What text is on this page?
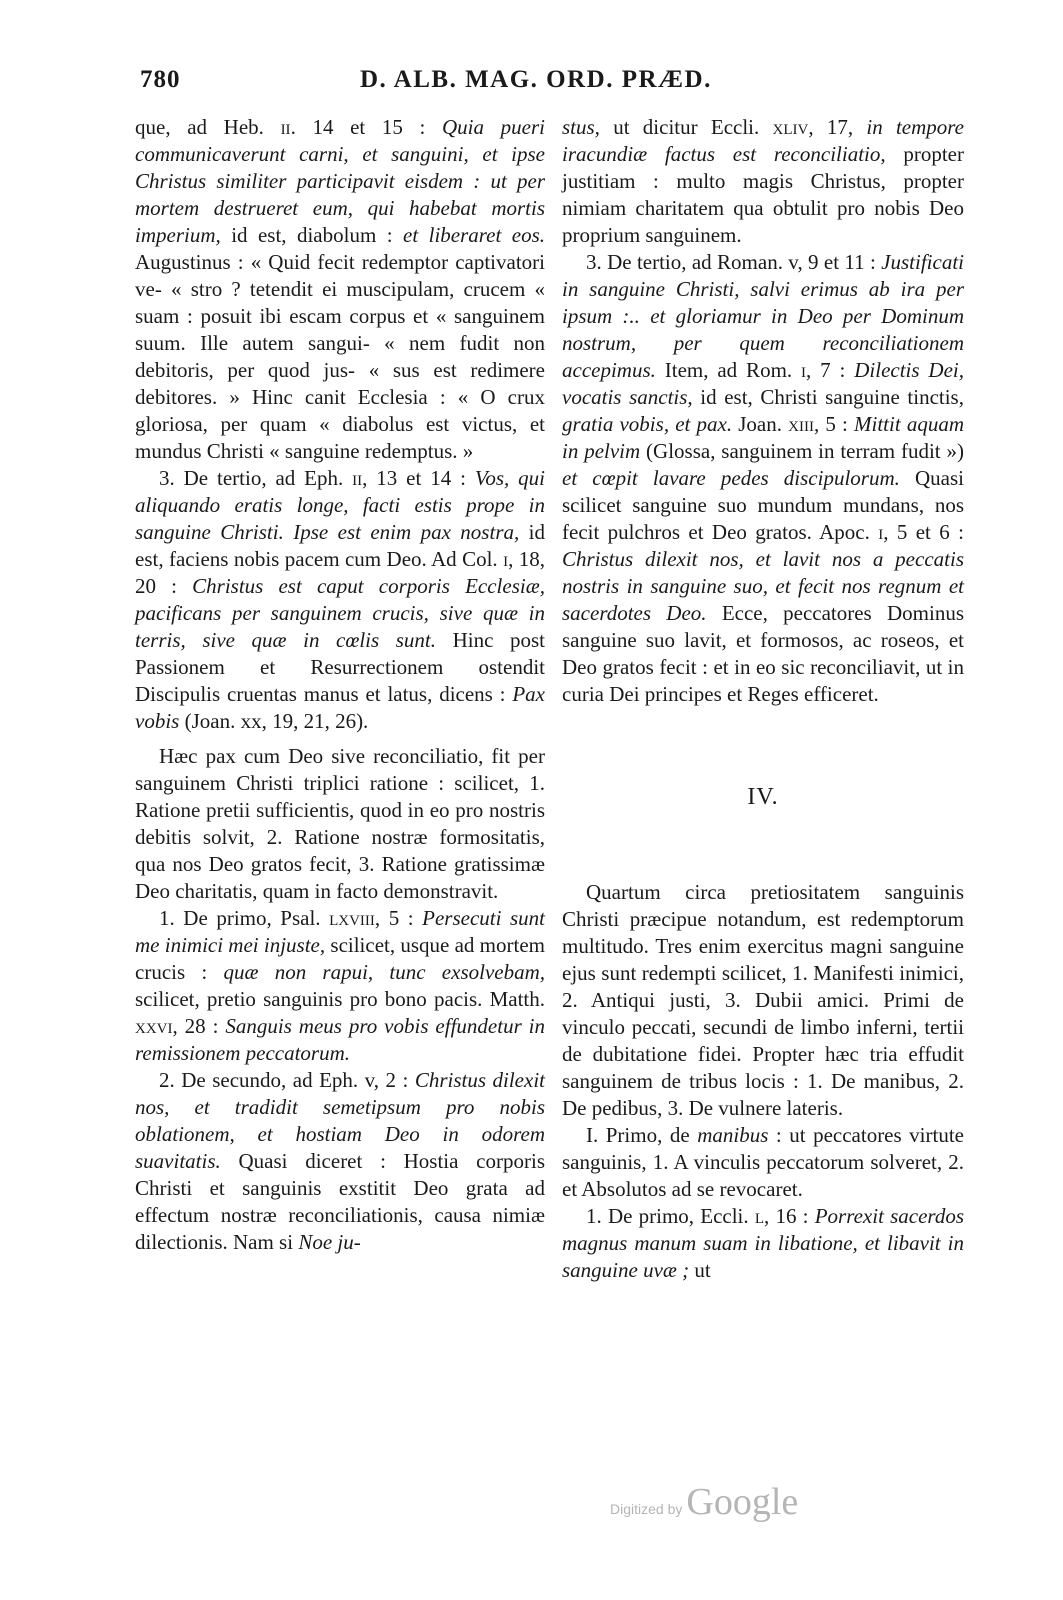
780	D. ALB. MAG. ORD. PRÆD.

que, ad Heb. ii. 14 et 15 : Quia pueri communicaverunt carni, et sanguini, et ipse Christus similiter participavit eisdem : ut per mortem destrueret eum, qui habebat mortis imperium, id est, diabolum : et liberaret eos. Augustinus : « Quid fecit redemptor captivatori ve- « stro ? tetendit ei muscipulam, crucem « suam : posuit ibi escam corpus et « sanguinem suum. Ille autem sangui- « nem fudit non debitoris, per quod jus- « sus est redimere debitores. » Hinc canit Ecclesia : « O crux gloriosa, per quam « diabolus est victus, et mundus Christi « sanguine redemptus. »

3. De tertio, ad Eph. ii, 13 et 14 : Vos, qui aliquando eratis longe, facti estis prope in sanguine Christi. Ipse est enim pax nostra, id est, faciens nobis pacem cum Deo. Ad Col. i, 18, 20 : Christus est caput corporis Ecclesiæ, pacificans per sanguinem crucis, sive quæ in terris, sive quæ in cœlis sunt. Hinc post Passionem et Resurrectionem ostendit Discipulis cruentas manus et latus, dicens : Pax vobis (Joan. xx, 19, 21, 26).

Hæc pax cum Deo sive reconciliatio, fit per sanguinem Christi triplici ratione : scilicet, 1. Ratione pretii sufficientis, quod in eo pro nostris debitis solvit, 2. Ratione nostræ formositatis, qua nos Deo gratos fecit, 3. Ratione gratissimæ Deo charitatis, quam in facto demonstravit.

1. De primo, Psal. lxviii, 5 : Persecuti sunt me inimici mei injuste, scilicet, usque ad mortem crucis : quæ non rapui, tunc exsolvebam, scilicet, pretio sanguinis pro bono pacis. Matth. xxvi, 28 : Sanguis meus pro vobis effundetur in remissionem peccatorum.

2. De secundo, ad Eph. v, 2 : Christus dilexit nos, et tradidit semetipsum pro nobis oblationem, et hostiam Deo in odorem suavitatis. Quasi diceret : Hostia corporis Christi et sanguinis exstitit Deo grata ad effectum nostræ reconciliationis, causa nimiæ dilectionis. Nam si Noe ju-

stus, ut dicitur Eccli. xliv, 17, in tempore iracundiæ factus est reconciliatio, propter justitiam : multo magis Christus, propter nimiam charitatem qua obtulit pro nobis Deo proprium sanguinem.

3. De tertio, ad Roman. v, 9 et 11 : Justificati in sanguine Christi, salvi erimus ab ira per ipsum :.. et gloriamur in Deo per Dominum nostrum, per quem reconciliationem accepimus. Item, ad Rom. i, 7 : Dilectis Dei, vocatis sanctis, id est, Christi sanguine tinctis, gratia vobis, et pax. Joan. xiii, 5 : Mittit aquam in pelvim (Glossa, sanguinem in terram fudit ») et cœpit lavare pedes discipulorum. Quasi scilicet sanguine suo mundum mundans, nos fecit pulchros et Deo gratos. Apoc. i, 5 et 6 : Christus dilexit nos, et lavit nos a peccatis nostris in sanguine suo, et fecit nos regnum et sacerdotes Deo. Ecce, peccatores Dominus sanguine suo lavit, et formosos, ac roseos, et Deo gratos fecit : et in eo sic reconciliavit, ut in curia Dei principes et Reges efficeret.

IV.

Quartum circa pretiositatem sanguinis Christi præcipue notandum, est redemptorum multitudo. Tres enim exercitus magni sanguine ejus sunt redempti scilicet, 1. Manifesti inimici, 2. Antiqui justi, 3. Dubii amici. Primi de vinculo peccati, secundi de limbo inferni, tertii de dubitatione fidei. Propter hæc tria effudit sanguinem de tribus locis : 1. De manibus, 2. De pedibus, 3. De vulnere lateris.

I. Primo, de manibus : ut peccatores virtute sanguinis, 1. A vinculis peccatorum solveret, 2. et Absolutos ad se revocaret.

1. De primo, Eccli. l, 16 : Porrexit sacerdos magnus manum suam in libatione, et libavit in sanguine uvæ ; ut

Digitized by Google
